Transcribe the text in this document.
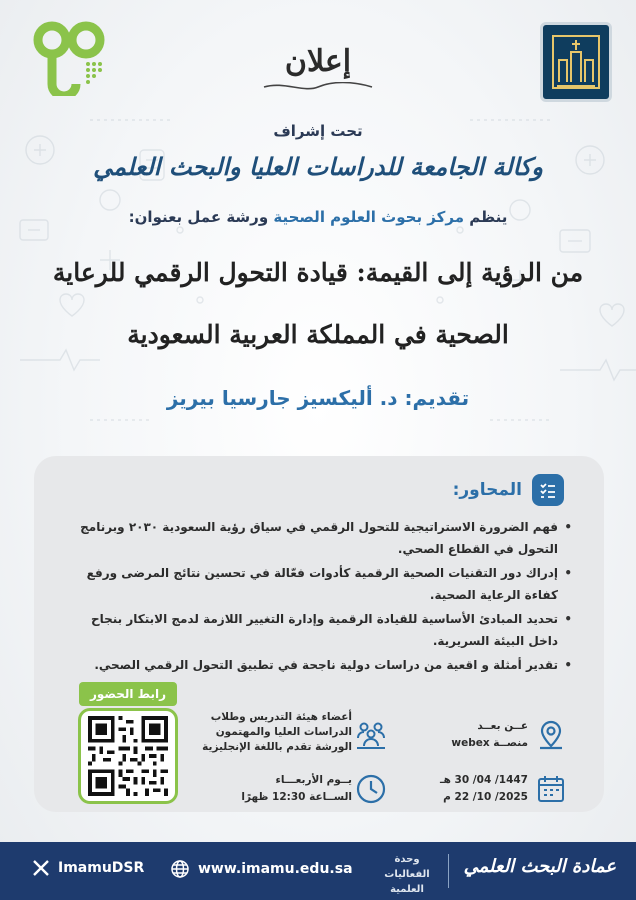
إعلان
تحت إشراف
وكالة الجامعة للدراسات العليا والبحث العلمي
ينظم مركز بحوث العلوم الصحية ورشة عمل بعنوان:
من الرؤية إلى القيمة: قيادة التحول الرقمي للرعاية
الصحية في المملكة العربية السعودية
تقديم: د. أليكسيز جارسيا بيريز
المحاور:
• فهم الضرورة الاستراتيجية للتحول الرقمي في سياق رؤية السعودية ٢٠٣٠ وبرنامج التحول في القطاع الصحي.
• إدراك دور التقنيات الصحية الرقمية كأدوات فعّالة في تحسين نتائج المرضى ورفع كفاءة الرعاية الصحية.
• تحديد المبادئ الأساسية للقيادة الرقمية وإدارة التغيير اللازمة لدمج الابتكار بنجاح داخل البيئة السريرية.
• تقدير أمثلة و اقعية من دراسات دولية ناجحة في تطبيق التحول الرقمي الصحي.
رابط الحضور
أعضاء هيئة التدريس وطلاب
الدراسات العليا والمهتمون
الورشة تقدم باللغة الإنجليزية
يــوم الأربعـــاء
الســاعة 12:30 ظهرًا
عــن بعــد
منصــة webex
1447/ 04/ 30 هـ
2025/ 10/ 22 م
ImamuDSR	www.imamu.edu.sa
وحدة الفعاليات
العلمية
عمادة البحث العلمي
